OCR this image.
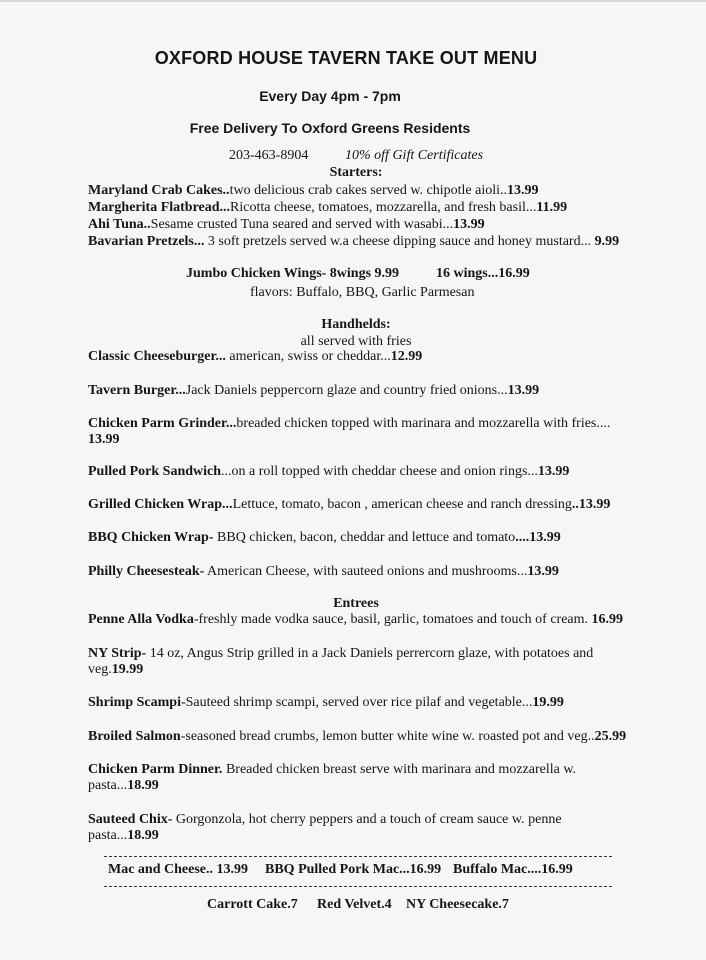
OXFORD HOUSE TAVERN TAKE OUT MENU
Every Day 4pm - 7pm
Free Delivery To Oxford Greens Residents
203-463-8904	10% off Gift Certificates
Starters:
Maryland Crab Cakes..two delicious crab cakes served w. chipotle aioli..13.99
Margherita Flatbread...Ricotta cheese, tomatoes, mozzarella, and fresh basil...11.99
Ahi Tuna..Sesame crusted Tuna seared and served with wasabi...13.99
Bavarian Pretzels... 3 soft pretzels served w.a cheese dipping sauce and honey mustard... 9.99
Jumbo Chicken Wings- 8wings 9.99	16 wings...16.99
flavors: Buffalo, BBQ, Garlic Parmesan
Handhelds:
all served with fries
Classic Cheeseburger... american, swiss or cheddar...12.99
Tavern Burger...Jack Daniels peppercorn glaze and country fried onions...13.99
Chicken Parm Grinder...breaded chicken topped with marinara and mozzarella with fries.... 13.99
Pulled Pork Sandwich...on a roll topped with cheddar cheese and onion rings...13.99
Grilled Chicken Wrap...Lettuce, tomato, bacon , american cheese and ranch dressing..13.99
BBQ Chicken Wrap- BBQ chicken, bacon, cheddar and lettuce and tomato....13.99
Philly Cheesesteak- American Cheese, with sauteed onions and mushrooms...13.99
Entrees
Penne Alla Vodka-freshly made vodka sauce, basil, garlic, tomatoes and touch of cream. 16.99
NY Strip- 14 oz, Angus Strip grilled in a Jack Daniels perrercorn glaze, with potatoes and veg.19.99
Shrimp Scampi-Sauteed shrimp scampi, served over rice pilaf and vegetable...19.99
Broiled Salmon-seasoned bread crumbs, lemon butter white wine w. roasted pot and veg..25.99
Chicken Parm Dinner. Breaded chicken breast serve with marinara and mozzarella w. pasta...18.99
Sauteed Chix- Gorgonzola, hot cherry peppers and a touch of cream sauce w. penne pasta...18.99
Mac and Cheese.. 13.99 BBQ Pulled Pork Mac...16.99 Buffalo Mac....16.99
Carrott Cake.7 Red Velvet.4 NY Cheesecake.7
